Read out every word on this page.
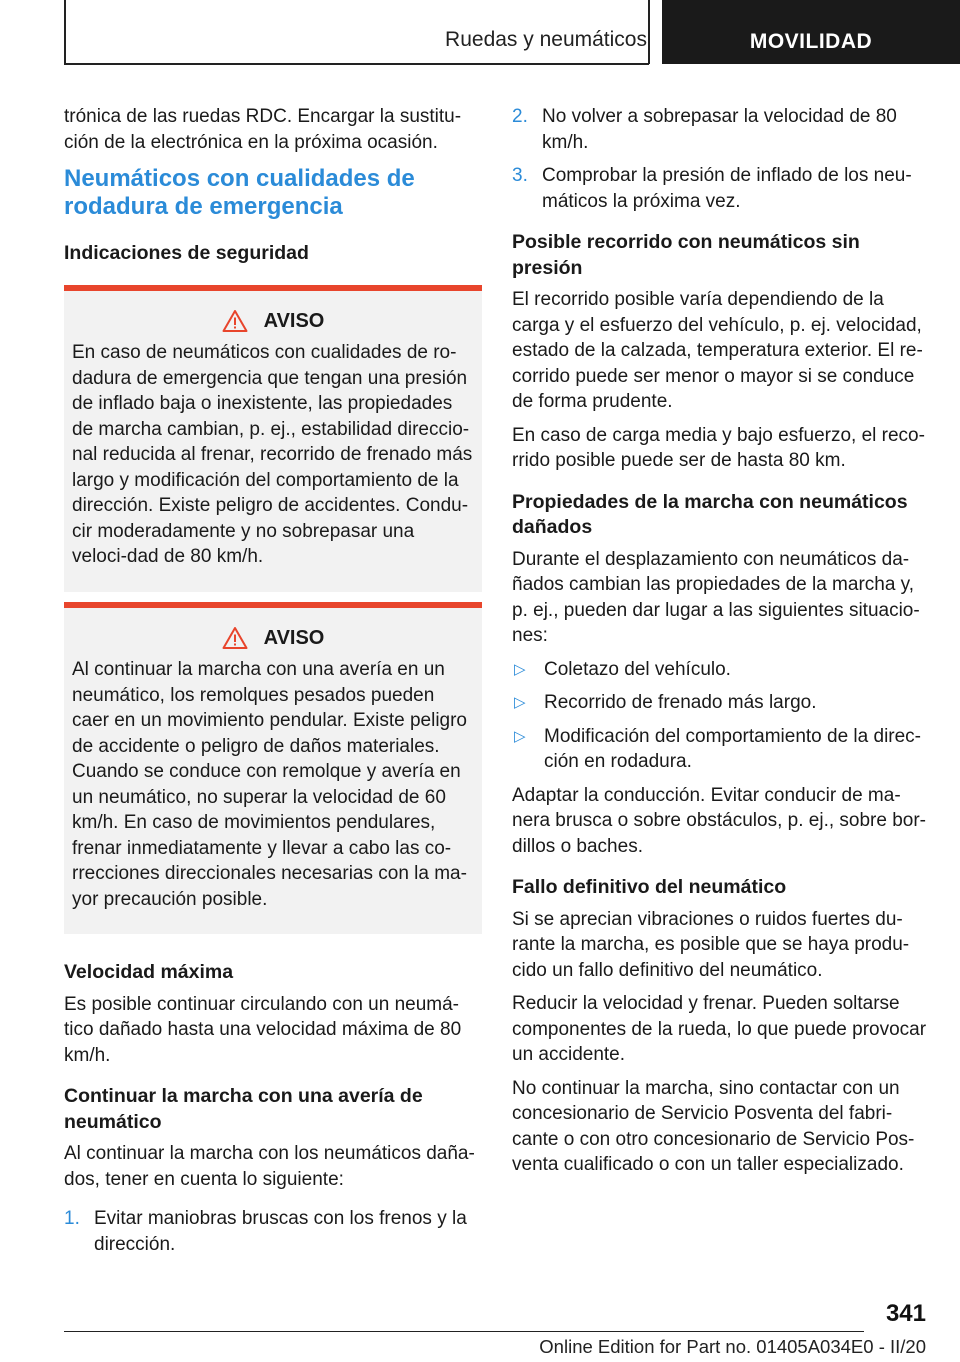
Ruedas y neumáticos	MOVILIDAD

trónica de las ruedas RDC. Encargar la sustitu-ción de la electrónica en la próxima ocasión.

Neumáticos con cualidades de rodadura de emergencia
Indicaciones de seguridad
AVISO
En caso de neumáticos con cualidades de ro-dadura de emergencia que tengan una presión de inflado baja o inexistente, las propiedades de marcha cambian, p. ej., estabilidad direccio-nal reducida al frenar, recorrido de frenado más largo y modificación del comportamiento de la dirección. Existe peligro de accidentes. Condu-cir moderadamente y no sobrepasar una veloci-dad de 80 km/h.
AVISO
Al continuar la marcha con una avería en un neumático, los remolques pesados pueden caer en un movimiento pendular. Existe peligro de accidente o peligro de daños materiales. Cuando se conduce con remolque y avería en un neumático, no superar la velocidad de 60 km/h. En caso de movimientos pendulares, frenar inmediatamente y llevar a cabo las co-rrecciones direccionales necesarias con la ma-yor precaución posible.
Velocidad máxima

Es posible continuar circulando con un neumá-tico dañado hasta una velocidad máxima de 80 km/h.

Continuar la marcha con una avería de neumático

Al continuar la marcha con los neumáticos daña-dos, tener en cuenta lo siguiente:

1. Evitar maniobras bruscas con los frenos y la dirección.
2. No volver a sobrepasar la velocidad de 80 km/h.
3. Comprobar la presión de inflado de los neu-máticos la próxima vez.
Posible recorrido con neumáticos sin presión

El recorrido posible varía dependiendo de la carga y el esfuerzo del vehículo, p. ej. velocidad, estado de la calzada, temperatura exterior. El re-corrido puede ser menor o mayor si se conduce de forma prudente.

En caso de carga media y bajo esfuerzo, el reco-rrido posible puede ser de hasta 80 km.

Propiedades de la marcha con neumáticos dañados

Durante el desplazamiento con neumáticos da-ñados cambian las propiedades de la marcha y, p. ej., pueden dar lugar a las siguientes situacio-nes:

▷ Coletazo del vehículo.
▷ Recorrido de frenado más largo.
▷ Modificación del comportamiento de la direc-ción en rodadura.

Adaptar la conducción. Evitar conducir de ma-nera brusca o sobre obstáculos, p. ej., sobre bor-dillos o baches.

Fallo definitivo del neumático

Si se aprecian vibraciones o ruidos fuertes du-rante la marcha, es posible que se haya produ-cido un fallo definitivo del neumático.

Reducir la velocidad y frenar. Pueden soltarse componentes de la rueda, lo que puede provocar un accidente.

No continuar la marcha, sino contactar con un concesionario de Servicio Posventa del fabri-cante o con otro concesionario de Servicio Pos-venta cualificado o con un taller especializado.

341
Online Edition for Part no. 01405A034E0 - II/20
